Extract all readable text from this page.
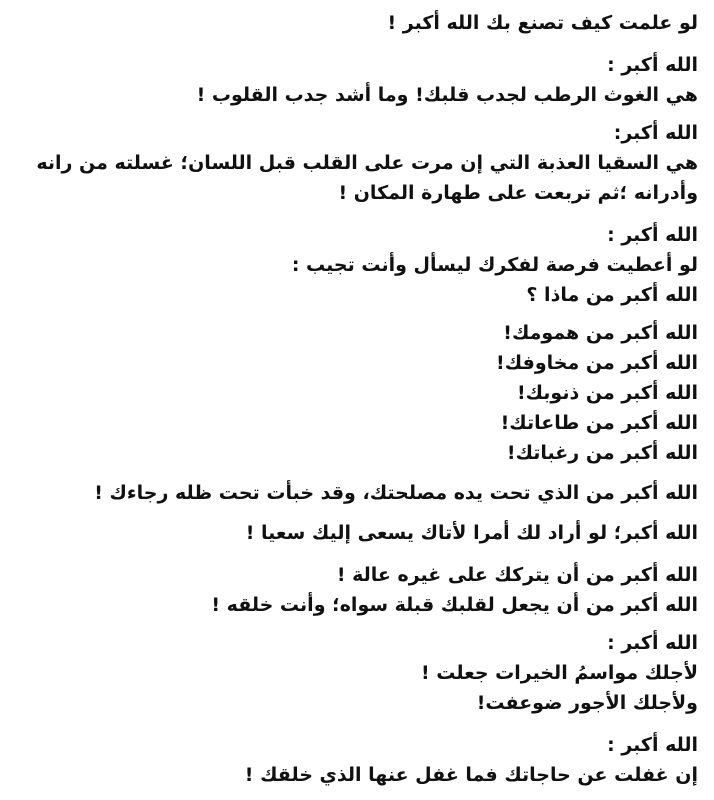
لو علمت كيف تصنع بك الله أكبر !
الله أكبر :
هي الغوث الرطب لجدب قلبك! وما أشد جدب القلوب !
الله أكبر:
هي السقيا العذبة التي إن مرت على القلب قبل اللسان؛ غسلته من رانه
وأدرانه ؛ثم تربعت على طهارة المكان !
الله أكبر :
لو أعطيت فرصة لفكرك ليسأل وأنت تجيب :
الله أكبر من ماذا ؟
الله أكبر من همومك!
الله أكبر من مخاوفك!
الله أكبر من ذنوبك!
الله أكبر من طاعاتك!
الله أكبر من رغباتك!
الله أكبر من الذي تحت يده مصلحتك، وقد خبأت تحت ظله رجاءك !
الله أكبر؛ لو أراد لك أمرا لأتاك يسعى إليك سعيا !
الله أكبر من أن يتركك على غيره عالة !
الله أكبر من أن يجعل لقلبك قبلة سواه؛ وأنت خلقه !
الله أكبر :
لأجلك مواسمُ الخيرات جعلت !
ولأجلك الأجور ضوعفت!
الله أكبر :
إن غفلت عن حاجاتك فما غفل عنها الذي خلقك !
